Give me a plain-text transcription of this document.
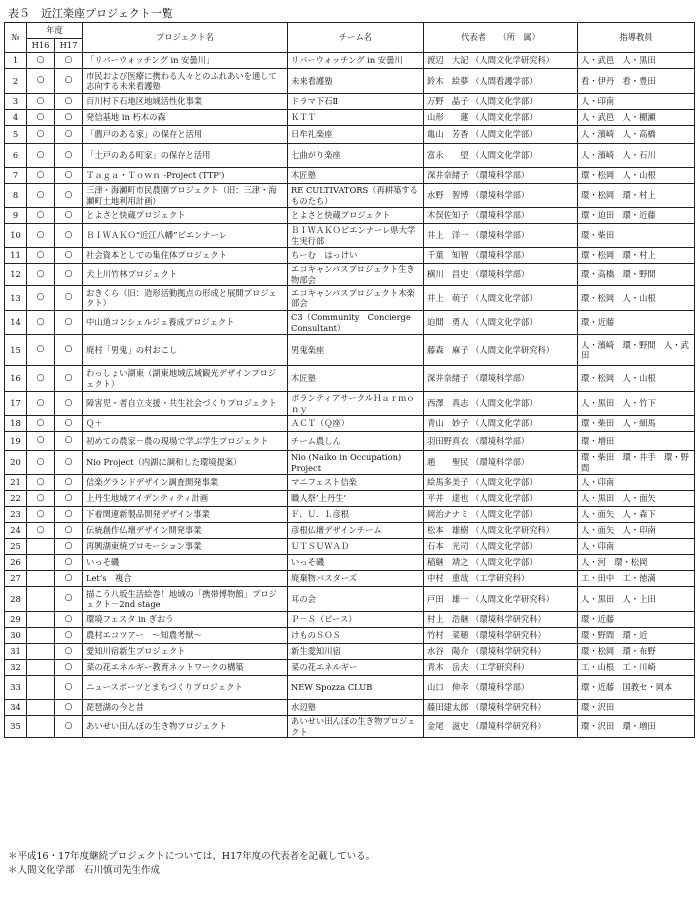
表５　近江楽座プロジェクト一覧
№	年度		プロジェクト名	チーム名	代表者　　（所　属）	指導教員
	H16	H17				
1	○	○	「リバーウォッチング in 安曇川」	リバーウォッチング in 安曇川	渡辺　大記 （人間文化学研究科）	人・武邑　人・黒田
2	○	○	市民および医療に携わる人々とのふれあいを通して志向する未来看護塾	未来看護塾	鈴木　絵夢 （人間看護学部）	看・伊丹　看・豊田
3	○	○	百川村下石地区地域活性化事業	ドラマ下石Ⅱ	万野　晶子 （人間文化学部）	人・印南
4	○	○	発信基地 in 朽木の森	ＫＴＴ	山形　　蓮 （人間文化学部）	人・武邑　人・棚瀬
5	○	○	「薦戸のある家」の保存と活用	日牟礼楽座	亀山　芳香 （人間文化学部）	人・濱崎　人・高橋
6	○	○	「土戸のある町家」の保存と活用	七曲がり楽座	富永　　望 （人間文化学部）	人・濱崎　人・石川
7	○	○	Ｔａｇａ・Ｔｏｗｎ -Project (TTP')	木匠塾	深井奈緒子 （環境科学部）	環・松岡　人・山根
8	○	○	三津・海瀬町市民農園プロジェクト（旧：三津・海瀬町土地利用計画）	RE CULTIVATORS（再耕築するものたち）	水野　智博 （環境科学部）	環・松岡　環・村上
9	○	○	とよさと快蔵プロジェクト	とよさと快蔵プロジェクト	木俣佐知子 （環境科学部）	環・迫田　環・近藤
10	○	○	ＢＩＷＡＫＯ“近江八幡”ビエンナーレ	ＢＩＷＡＫＯビエンナーレ県大学生実行部	井上　洋一 （環境科学部）	環・柴田
11	○	○	社会資本としての集住体プロジェクト	ちーむ　はっけい	千葉　知智 （環境科学部）	環・松岡　環・村上
12	○	○	犬上川竹林プロジェクト	エコキャンパスプロジェクト生き物部会	横川　昌史 （環境科学部）	環・高橋　環・野間
13	○	○	おきくら（旧：造形活動拠点の形成と展開プロジェクト）	エコキャンパスプロジェクト木楽部会	井上　萌子 （人間文化学部）	環・松岡　人・山根
14	○	○	中山道コンシェルジェ養成プロジェクト	C3（Community　Concierge　Consultant）	迫間　勇人 （人間文化学部）	環・近藤
15	○	○	廃村「男鬼」の村おこし	男鬼楽座	藤森　麻子 （人間文化学研究科）	人・濱崎　環・野間　人・武田
16	○	○	わっしょい湖東（湖東地域広域観光デザインプロジェクト）	木匠塾	深井奈緒子 （環境科学部）	環・松岡　人・山根
17	○	○	障害児・者自立支援・共生社会づくりプロジェクト	ボランティアサークルＨａｒｍｏｎｙ	西澤　真志 （人間文化学部）	人・黒田　人・竹下
18	○	○	Ｑ＋	ＡＣＴ（Ｑ座）	青山　妙子 （人間文化学部）	環・柴田　人・細馬
19	○	○	初めての農家－農の現場で学ぶ学生プロジェクト	チーム農しん	羽田野真衣 （環境科学部）	環・増田
20	○	○	Nio Project（内湖に調和した環境提案）	Nio (Naiko in Occupation) Project	趙　　聖民 （環境科学部）	環・柴田　環・井手　環・野間
21	○	○	信楽グランドデザイン調査開発事業	マニフェスト信楽	絵馬多美子 （人間文化学部）	人・印南
22	○	○	上丹生地域アイデンティティ計画	職人祭’上丹生’	平井　達也 （人間文化学部）	人・黒田　人・面矢
23	○	○	下着関連新製品開発デザイン事業	Ｆ．Ｕ．Ｌ彦根	岡治ナナミ （人間文化学部）	人・面矢　人・森下
24	○	○	伝統創作仏壇デザイン開発事業	彦根仏壇デザインチーム	松本　雄樹 （人間文化学研究科）	人・面矢　人・印南
25		○	再興湖東焼プロモーション事業	ＵＴＳＵＷＡＤ	石本　光司 （人間文化学部）	人・印南
26		○	いっそ磯	いっそ磯	稲継　靖之 （人間文化学部）	人・河　環・松岡
27		○	Let’s　複合	廃棄物バスターズ	中村　重哉 （工学研究科）	工・田中　工・徳満
28		○	描こう八坂生活絵巻！地域の「携帯博物館」プロジェクト－2nd stage	耳の会	戸田　雄一 （人間文化学研究科）	人・黒田　人・上田
29		○	環境フェスタ in ぎおう	Ｐ－Ｓ（ピース）	村上　浩継 （環境科学研究科）	環・近藤
30		○	農村エコツアー　～知農考獣～	けものＳＯＳ	竹村　菜穂 （環境科学研究科）	環・野間　環・近
31		○	愛知川宿新生プロジェクト	新生愛知川宿	水谷　陽介 （環境科学研究科）	環・松岡　環・布野
32		○	菜の花エネルギー教育ネットワークの構築	菜の花エネルギー	青木　岳夫 （工学研究科）	工・山根　工・川崎
33		○	ニュースポーツとまちづくりプロジェクト	NEW Spozza CLUB	山口　伸幸 （環境科学部）	環・近藤　国教セ・岡本
34		○	琵琶湖の今と昔	水辺塾	藤田建太郎 （環境科学研究科）	環・沢田
35		○	あいせい田んぼの生き物プロジェクト	あいせい田んぼの生き物プロジェクト	金尾　滋史 （環境科学研究科）	環・沢田　環・増田
＊平成16・17年度継続プロジェクトについては、H17年度の代表者を記載している。
＊人間文化学部　石川慎司先生作成
